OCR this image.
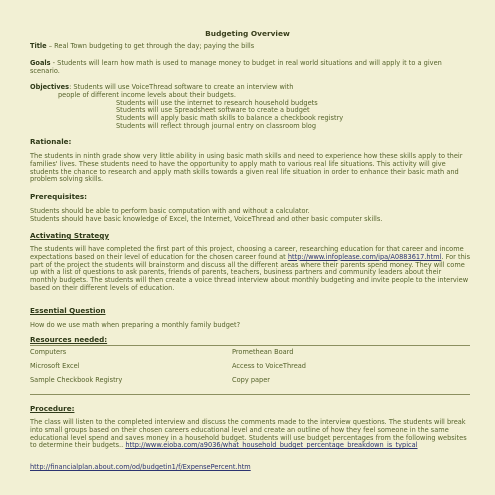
Budgeting Overview
Title – Real Town budgeting to get through the day; paying the bills
Goals - Students will learn how math is used to manage money to budget in real world situations and will apply it to a given scenario.
Objectives: Students will use VoiceThread software to create an interview with
people of different income levels about their budgets.
Students will use the internet to research household budgets
Students will use Spreadsheet software to create a budget
Students will apply basic math skills to balance a checkbook registry
Students will reflect through journal entry on classroom blog
Rationale:
The students in ninth grade show very little ability in using basic math skills and need to experience how these skills apply to their families' lives. These students need to have the opportunity to apply math to various real life situations. This activity will give students the chance to research and apply math skills towards a given real life situation in order to enhance their basic math and problem solving skills.
Prerequisites:
Students should be able to perform basic computation with and without a calculator.
Students should have basic knowledge of Excel, the Internet, VoiceThread and other basic computer skills.
Activating Strategy
The students will have completed the first part of this project, choosing a career, researching education for that career and income expectations based on their level of education for the chosen career found at http://www.infoplease.com/ipa/A0883617.html. For this part of the project the students will brainstorm and discuss all the different areas where their parents spend money. They will come up with a list of questions to ask parents, friends of parents, teachers, business partners and community leaders about their monthly budgets. The students will then create a voice thread interview about monthly budgeting and invite people to the interview based on their different levels of education.
Essential Question
How do we use math when preparing a monthly family budget?
Resources needed:
Computers
Microsoft Excel
Sample Checkbook Registry
Promethean Board
Access to VoiceThread
Copy paper
Procedure:
The class will listen to the completed interview and discuss the comments made to the interview questions. The students will break into small groups based on their chosen careers educational level and create an outline of how they feel someone in the same educational level spend and saves money in a household budget. Students will use budget percentages from the following websites to determine their budgets.. http://www.eioba.com/a9036/what_household_budget_percentage_breakdown_is_typical
http://financialplan.about.com/od/budgetin1/f/ExpensePercent.htm
